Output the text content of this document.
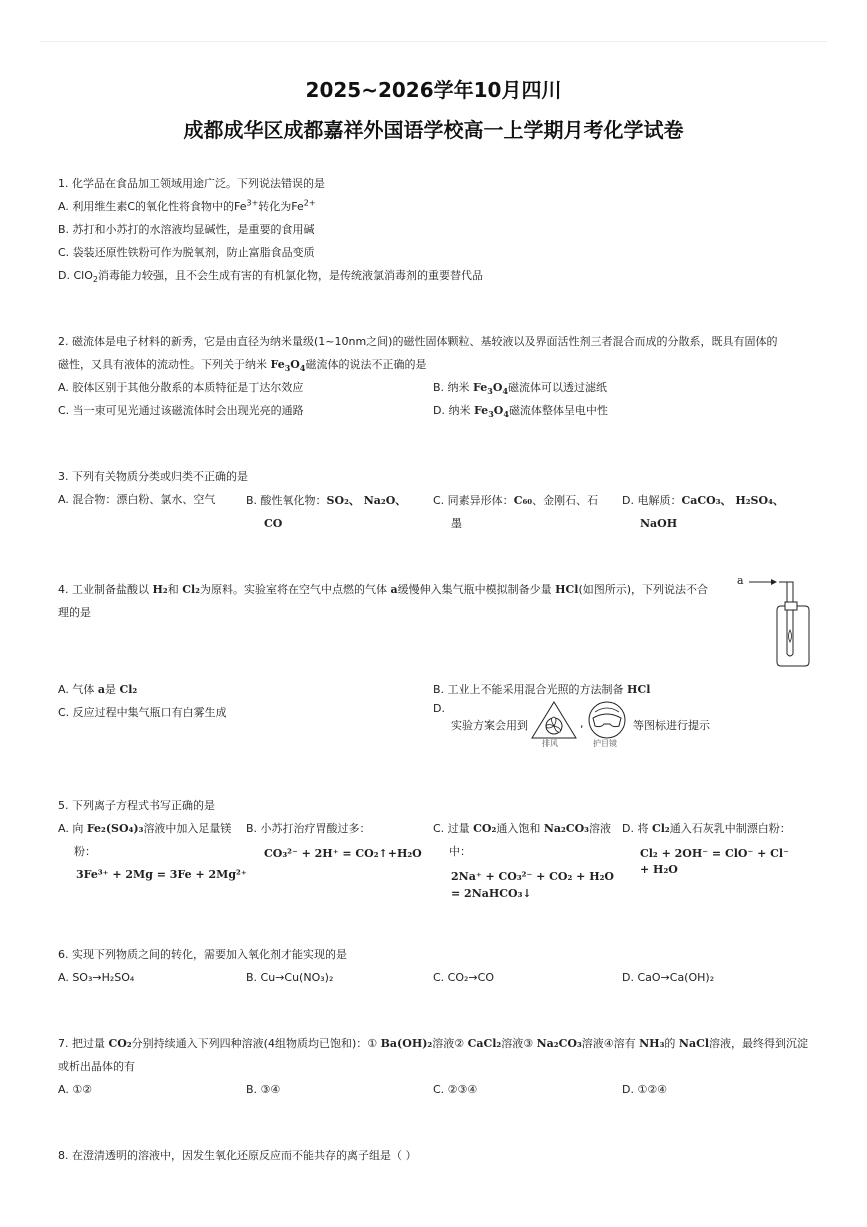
2025~2026学年10月四川
成都成华区成都嘉祥外国语学校高一上学期月考化学试卷
1. 化学品在食品加工领域用途广泛。下列说法错误的是
A. 利用维生素C的氧化性将食物中的$Fe^{3+}$转化为$Fe^{2+}$
B. 苏打和小苏打的水溶液均显碱性，是重要的食用碱
C. 袋装还原性铁粉可作为脱氧剂，防止富脂食品变质
D. ClO$_2$消毒能力较强，且不会生成有害的有机氯化物，是传统液氯消毒剂的重要替代品
2. 磁流体是电子材料的新秀，它是由直径为纳米量级(1~10nm之间)的磁性固体颗粒、基较液以及界面活性剂三者混合而成的分散系，既具有固体的
磁性，又具有液体的流动性。下列关于纳米 $Fe_3O_4$磁流体的说法不正确的是
A. 胶体区别于其他分散系的本质特征是丁达尔效应	B. 纳米 $Fe_3O_4$磁流体可以透过滤纸
C. 当一束可见光通过该磁流体时会出现光亮的通路	D. 纳米 $Fe_3O_4$磁流体整体呈电中性
3. 下列有关物质分类或归类不正确的是
A. 混合物：漂白粉、氯水、空气	B. 酸性氧化物：SO₂、 Na₂O、
CO
C. 同素异形体：C₆₀、金刚石、石
墨
D. 电解质：CaCO₃、 H₂SO₄、
NaOH
4. 工业制备盐酸以 H₂和 Cl₂为原料。实验室将在空气中点燃的气体 a缓慢伸入集气瓶中模拟制备少量 HCl(如图所示)，下列说法不合
理的是
a
A. 气体 a是 Cl₂	B. 工业上不能采用混合光照的方法制备 HCl
C. 反应过程中集气瓶口有白雾生成	D.
实验方案会用到
排风
,
护目镜
等图标进行提示
5. 下列离子方程式书写正确的是
A. 向 Fe₂(SO₄)₃溶液中加入足量镁
粉：
3Fe³⁺ + 2Mg = 3Fe + 2Mg²⁺
B. 小苏打治疗胃酸过多：
CO₃²⁻ + 2H⁺ = CO₂↑+H₂O
C. 过量 CO₂通入饱和 Na₂CO₃溶液
中：
2Na⁺ + CO₃²⁻ + CO₂ + H₂O
= 2NaHCO₃↓
D. 将 Cl₂通入石灰乳中制漂白粉：
Cl₂ + 2OH⁻ = ClO⁻ + Cl⁻
+ H₂O
6. 实现下列物质之间的转化，需要加入氧化剂才能实现的是
A. SO₃→H₂SO₄	B. Cu→Cu(NO₃)₂	C. CO₂→CO	D. CaO→Ca(OH)₂
7. 把过量 CO₂分别持续通入下列四种溶液(4组物质均已饱和)：① Ba(OH)₂溶液② CaCl₂溶液③ Na₂CO₃溶液④溶有 NH₃的 NaCl溶液，最终得到沉淀
或析出晶体的有
A. ①②	B. ③④	C. ②③④	D. ①②④
8. 在澄清透明的溶液中，因发生氧化还原反应而不能共存的离子组是（ ）
